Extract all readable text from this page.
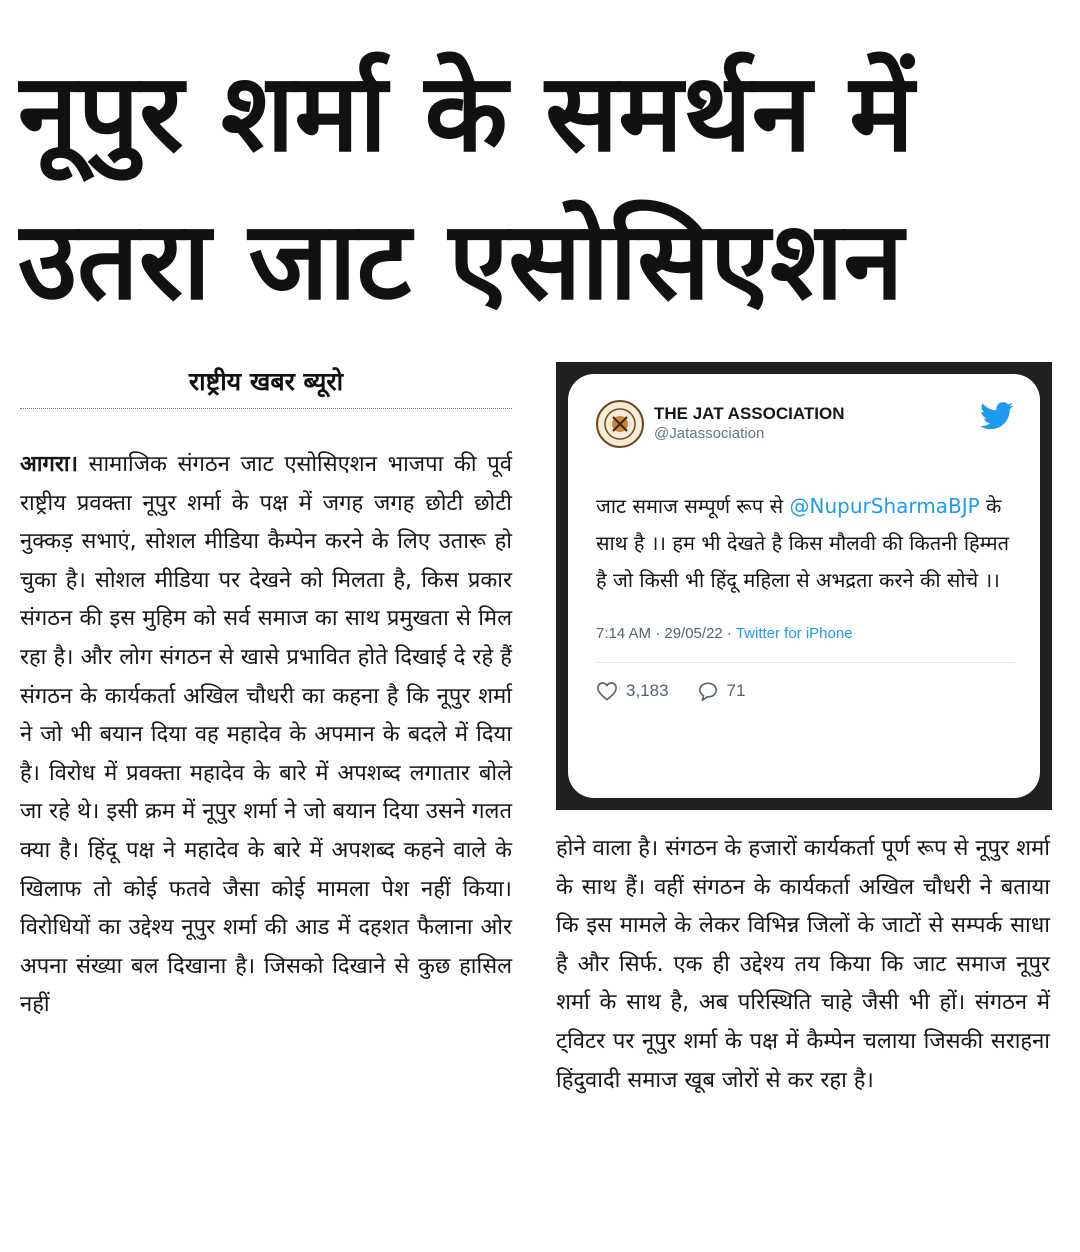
नूपुर शर्मा के समर्थन में
उतरा जाट एसोसिएशन
राष्ट्रीय खबर ब्यूरो
आगरा। सामाजिक संगठन जाट एसोसिएशन भाजपा की पूर्व राष्ट्रीय प्रवक्ता नूपुर शर्मा के पक्ष में जगह जगह छोटी छोटी नुक्कड़ सभाएं, सोशल मीडिया कैम्पेन करने के लिए उतारू हो चुका है। सोशल मीडिया पर देखने को मिलता है, किस प्रकार संगठन की इस मुहिम को सर्व समाज का साथ प्रमुखता से मिल रहा है। और लोग संगठन से खासे प्रभावित होते दिखाई दे रहे हैं संगठन के कार्यकर्ता अखिल चौधरी का कहना है कि नूपुर शर्मा ने जो भी बयान दिया वह महादेव के अपमान के बदले में दिया है। विरोध में प्रवक्ता महादेव के बारे में अपशब्द लगातार बोले जा रहे थे। इसी क्रम में नूपुर शर्मा ने जो बयान दिया उसने गलत क्या है। हिंदू पक्ष ने महादेव के बारे में अपशब्द कहने वाले के खिलाफ तो कोई फतवे जैसा कोई मामला पेश नहीं किया। विरोधियों का उद्देश्य नूपुर शर्मा की आड में दहशत फैलाना ओर अपना संख्या बल दिखाना है। जिसको दिखाने से कुछ हासिल नहीं
THE JAT ASSOCIATION
@Jatassociation
जाट समाज सम्पूर्ण रूप से @NupurSharmaBJP के साथ है ।। हम भी देखते है किस मौलवी की कितनी हिम्मत है जो किसी भी हिंदू महिला से अभद्रता करने की सोचे ।।
7:14 AM · 29/05/22 · Twitter for iPhone
3,183	71
होने वाला है। संगठन के हजारों कार्यकर्ता पूर्ण रूप से नूपुर शर्मा के साथ हैं। वहीं संगठन के कार्यकर्ता अखिल चौधरी ने बताया कि इस मामले के लेकर विभिन्न जिलों के जाटों से सम्पर्क साधा है और सिर्फ. एक ही उद्देश्य तय किया कि जाट समाज नूपुर शर्मा के साथ है, अब परिस्थिति चाहे जैसी भी हों। संगठन में ट्विटर पर नूपुर शर्मा के पक्ष में कैम्पेन चलाया जिसकी सराहना हिंदुवादी समाज खूब जोरों से कर रहा है।
